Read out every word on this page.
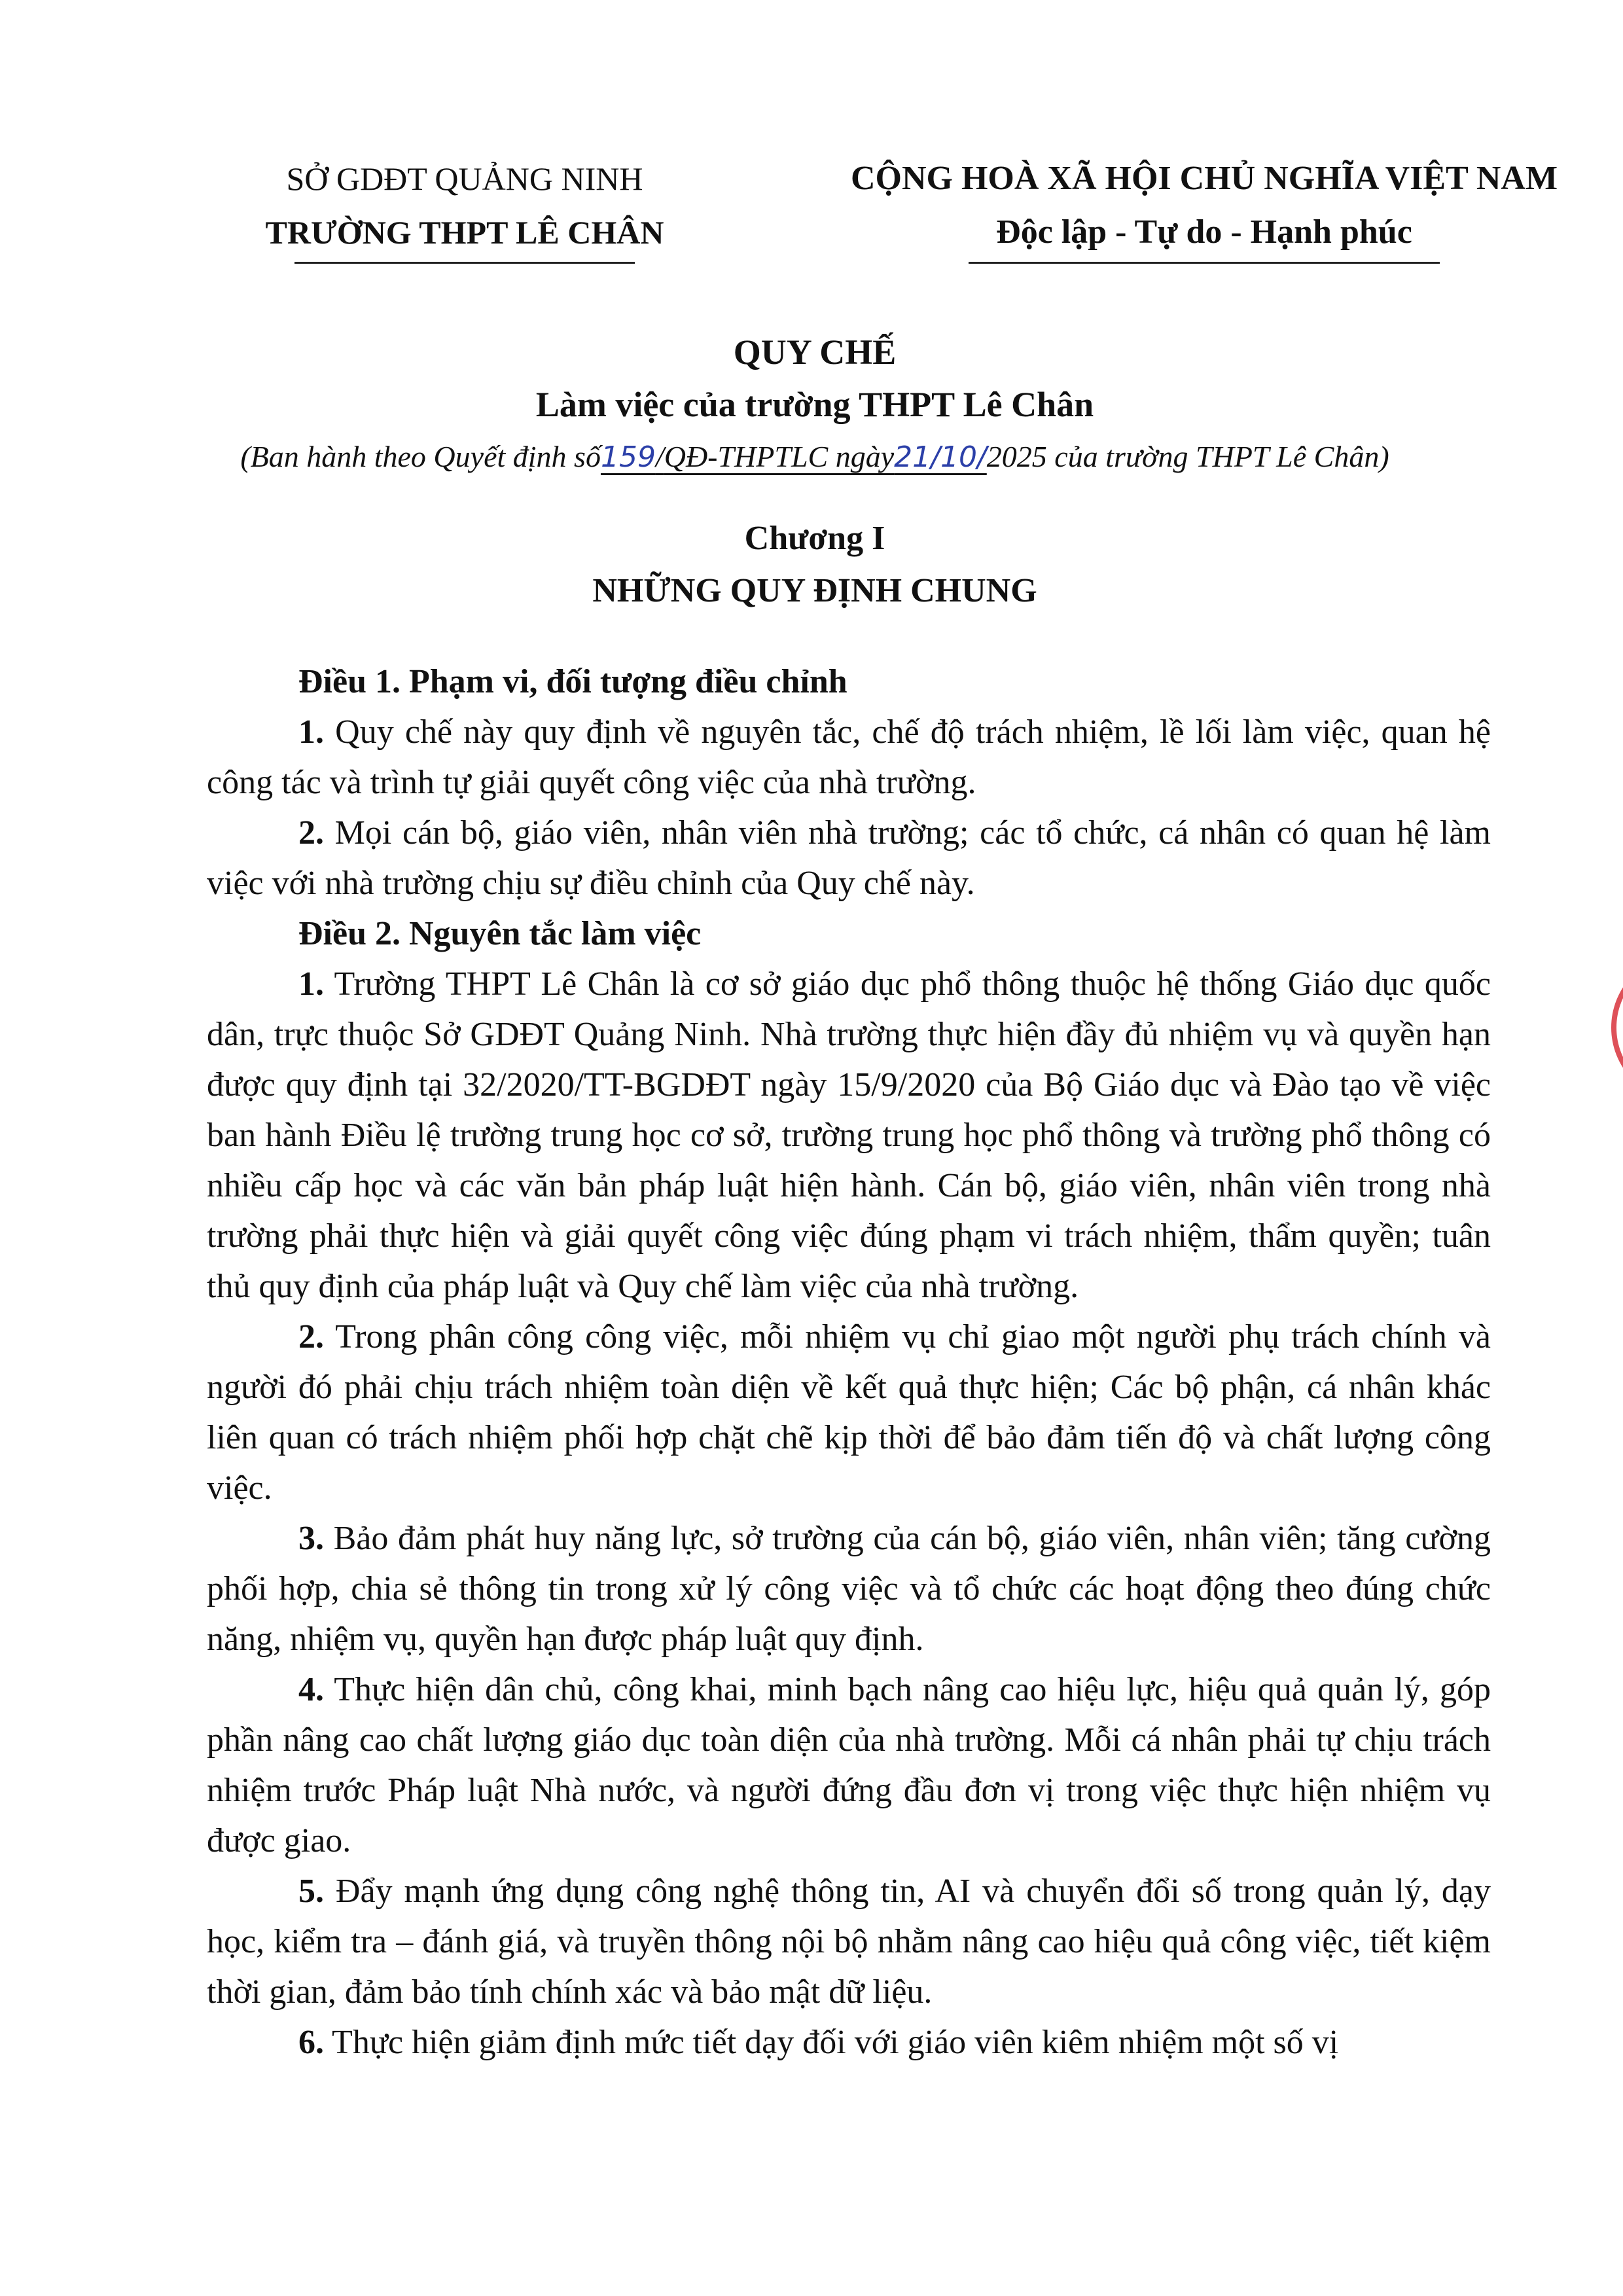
SỞ GDĐT QUẢNG NINH
TRƯỜNG THPT LÊ CHÂN
CỘNG HOÀ XÃ HỘI CHỦ NGHĨA VIỆT NAM
Độc lập - Tự do - Hạnh phúc
QUY CHẾ
Làm việc của trường THPT Lê Chân
(Ban hành theo Quyết định số159/QĐ-THPTLC ngày21/10/2025 của trường THPT Lê Chân)
Chương I
NHỮNG QUY ĐỊNH CHUNG

Điều 1. Phạm vi, đối tượng điều chỉnh

1. Quy chế này quy định về nguyên tắc, chế độ trách nhiệm, lề lối làm việc, quan hệ công tác và trình tự giải quyết công việc của nhà trường.

2. Mọi cán bộ, giáo viên, nhân viên nhà trường; các tổ chức, cá nhân có quan hệ làm việc với nhà trường chịu sự điều chỉnh của Quy chế này.

Điều 2. Nguyên tắc làm việc

1. Trường THPT Lê Chân là cơ sở giáo dục phổ thông thuộc hệ thống Giáo dục quốc dân, trực thuộc Sở GDĐT Quảng Ninh. Nhà trường thực hiện đầy đủ nhiệm vụ và quyền hạn được quy định tại 32/2020/TT-BGDĐT ngày 15/9/2020 của Bộ Giáo dục và Đào tạo về việc ban hành Điều lệ trường trung học cơ sở, trường trung học phổ thông và trường phổ thông có nhiều cấp học và các văn bản pháp luật hiện hành. Cán bộ, giáo viên, nhân viên trong nhà trường phải thực hiện và giải quyết công việc đúng phạm vi trách nhiệm, thẩm quyền; tuân thủ quy định của pháp luật và Quy chế làm việc của nhà trường.

2. Trong phân công công việc, mỗi nhiệm vụ chỉ giao một người phụ trách chính và người đó phải chịu trách nhiệm toàn diện về kết quả thực hiện; Các bộ phận, cá nhân khác liên quan có trách nhiệm phối hợp chặt chẽ kịp thời để bảo đảm tiến độ và chất lượng công việc.

3. Bảo đảm phát huy năng lực, sở trường của cán bộ, giáo viên, nhân viên; tăng cường phối hợp, chia sẻ thông tin trong xử lý công việc và tổ chức các hoạt động theo đúng chức năng, nhiệm vụ, quyền hạn được pháp luật quy định.

4. Thực hiện dân chủ, công khai, minh bạch nâng cao hiệu lực, hiệu quả quản lý, góp phần nâng cao chất lượng giáo dục toàn diện của nhà trường. Mỗi cá nhân phải tự chịu trách nhiệm trước Pháp luật Nhà nước, và người đứng đầu đơn vị trong việc thực hiện nhiệm vụ được giao.

5. Đẩy mạnh ứng dụng công nghệ thông tin, AI và chuyển đổi số trong quản lý, dạy học, kiểm tra – đánh giá, và truyền thông nội bộ nhằm nâng cao hiệu quả công việc, tiết kiệm thời gian, đảm bảo tính chính xác và bảo mật dữ liệu.

6. Thực hiện giảm định mức tiết dạy đối với giáo viên kiêm nhiệm một số vị
